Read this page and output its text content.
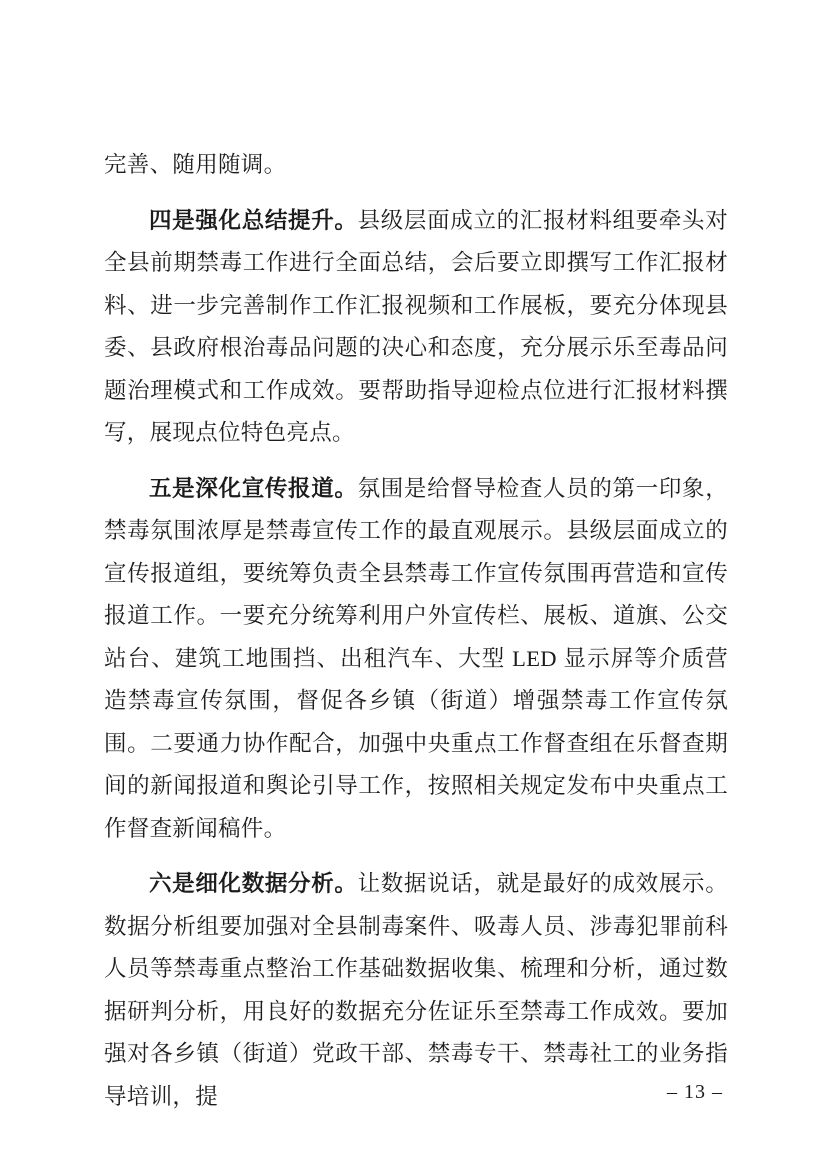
完善、随用随调。

四是强化总结提升。县级层面成立的汇报材料组要牵头对全县前期禁毒工作进行全面总结，会后要立即撰写工作汇报材料、进一步完善制作工作汇报视频和工作展板，要充分体现县委、县政府根治毒品问题的决心和态度，充分展示乐至毒品问题治理模式和工作成效。要帮助指导迎检点位进行汇报材料撰写，展现点位特色亮点。

五是深化宣传报道。氛围是给督导检查人员的第一印象，禁毒氛围浓厚是禁毒宣传工作的最直观展示。县级层面成立的宣传报道组，要统筹负责全县禁毒工作宣传氛围再营造和宣传报道工作。一要充分统筹利用户外宣传栏、展板、道旗、公交站台、建筑工地围挡、出租汽车、大型 LED 显示屏等介质营造禁毒宣传氛围，督促各乡镇（街道）增强禁毒工作宣传氛围。二要通力协作配合，加强中央重点工作督查组在乐督查期间的新闻报道和舆论引导工作，按照相关规定发布中央重点工作督查新闻稿件。

六是细化数据分析。让数据说话，就是最好的成效展示。数据分析组要加强对全县制毒案件、吸毒人员、涉毒犯罪前科人员等禁毒重点整治工作基础数据收集、梳理和分析，通过数据研判分析，用良好的数据充分佐证乐至禁毒工作成效。要加强对各乡镇（街道）党政干部、禁毒专干、禁毒社工的业务指导培训，提	– 13 –
